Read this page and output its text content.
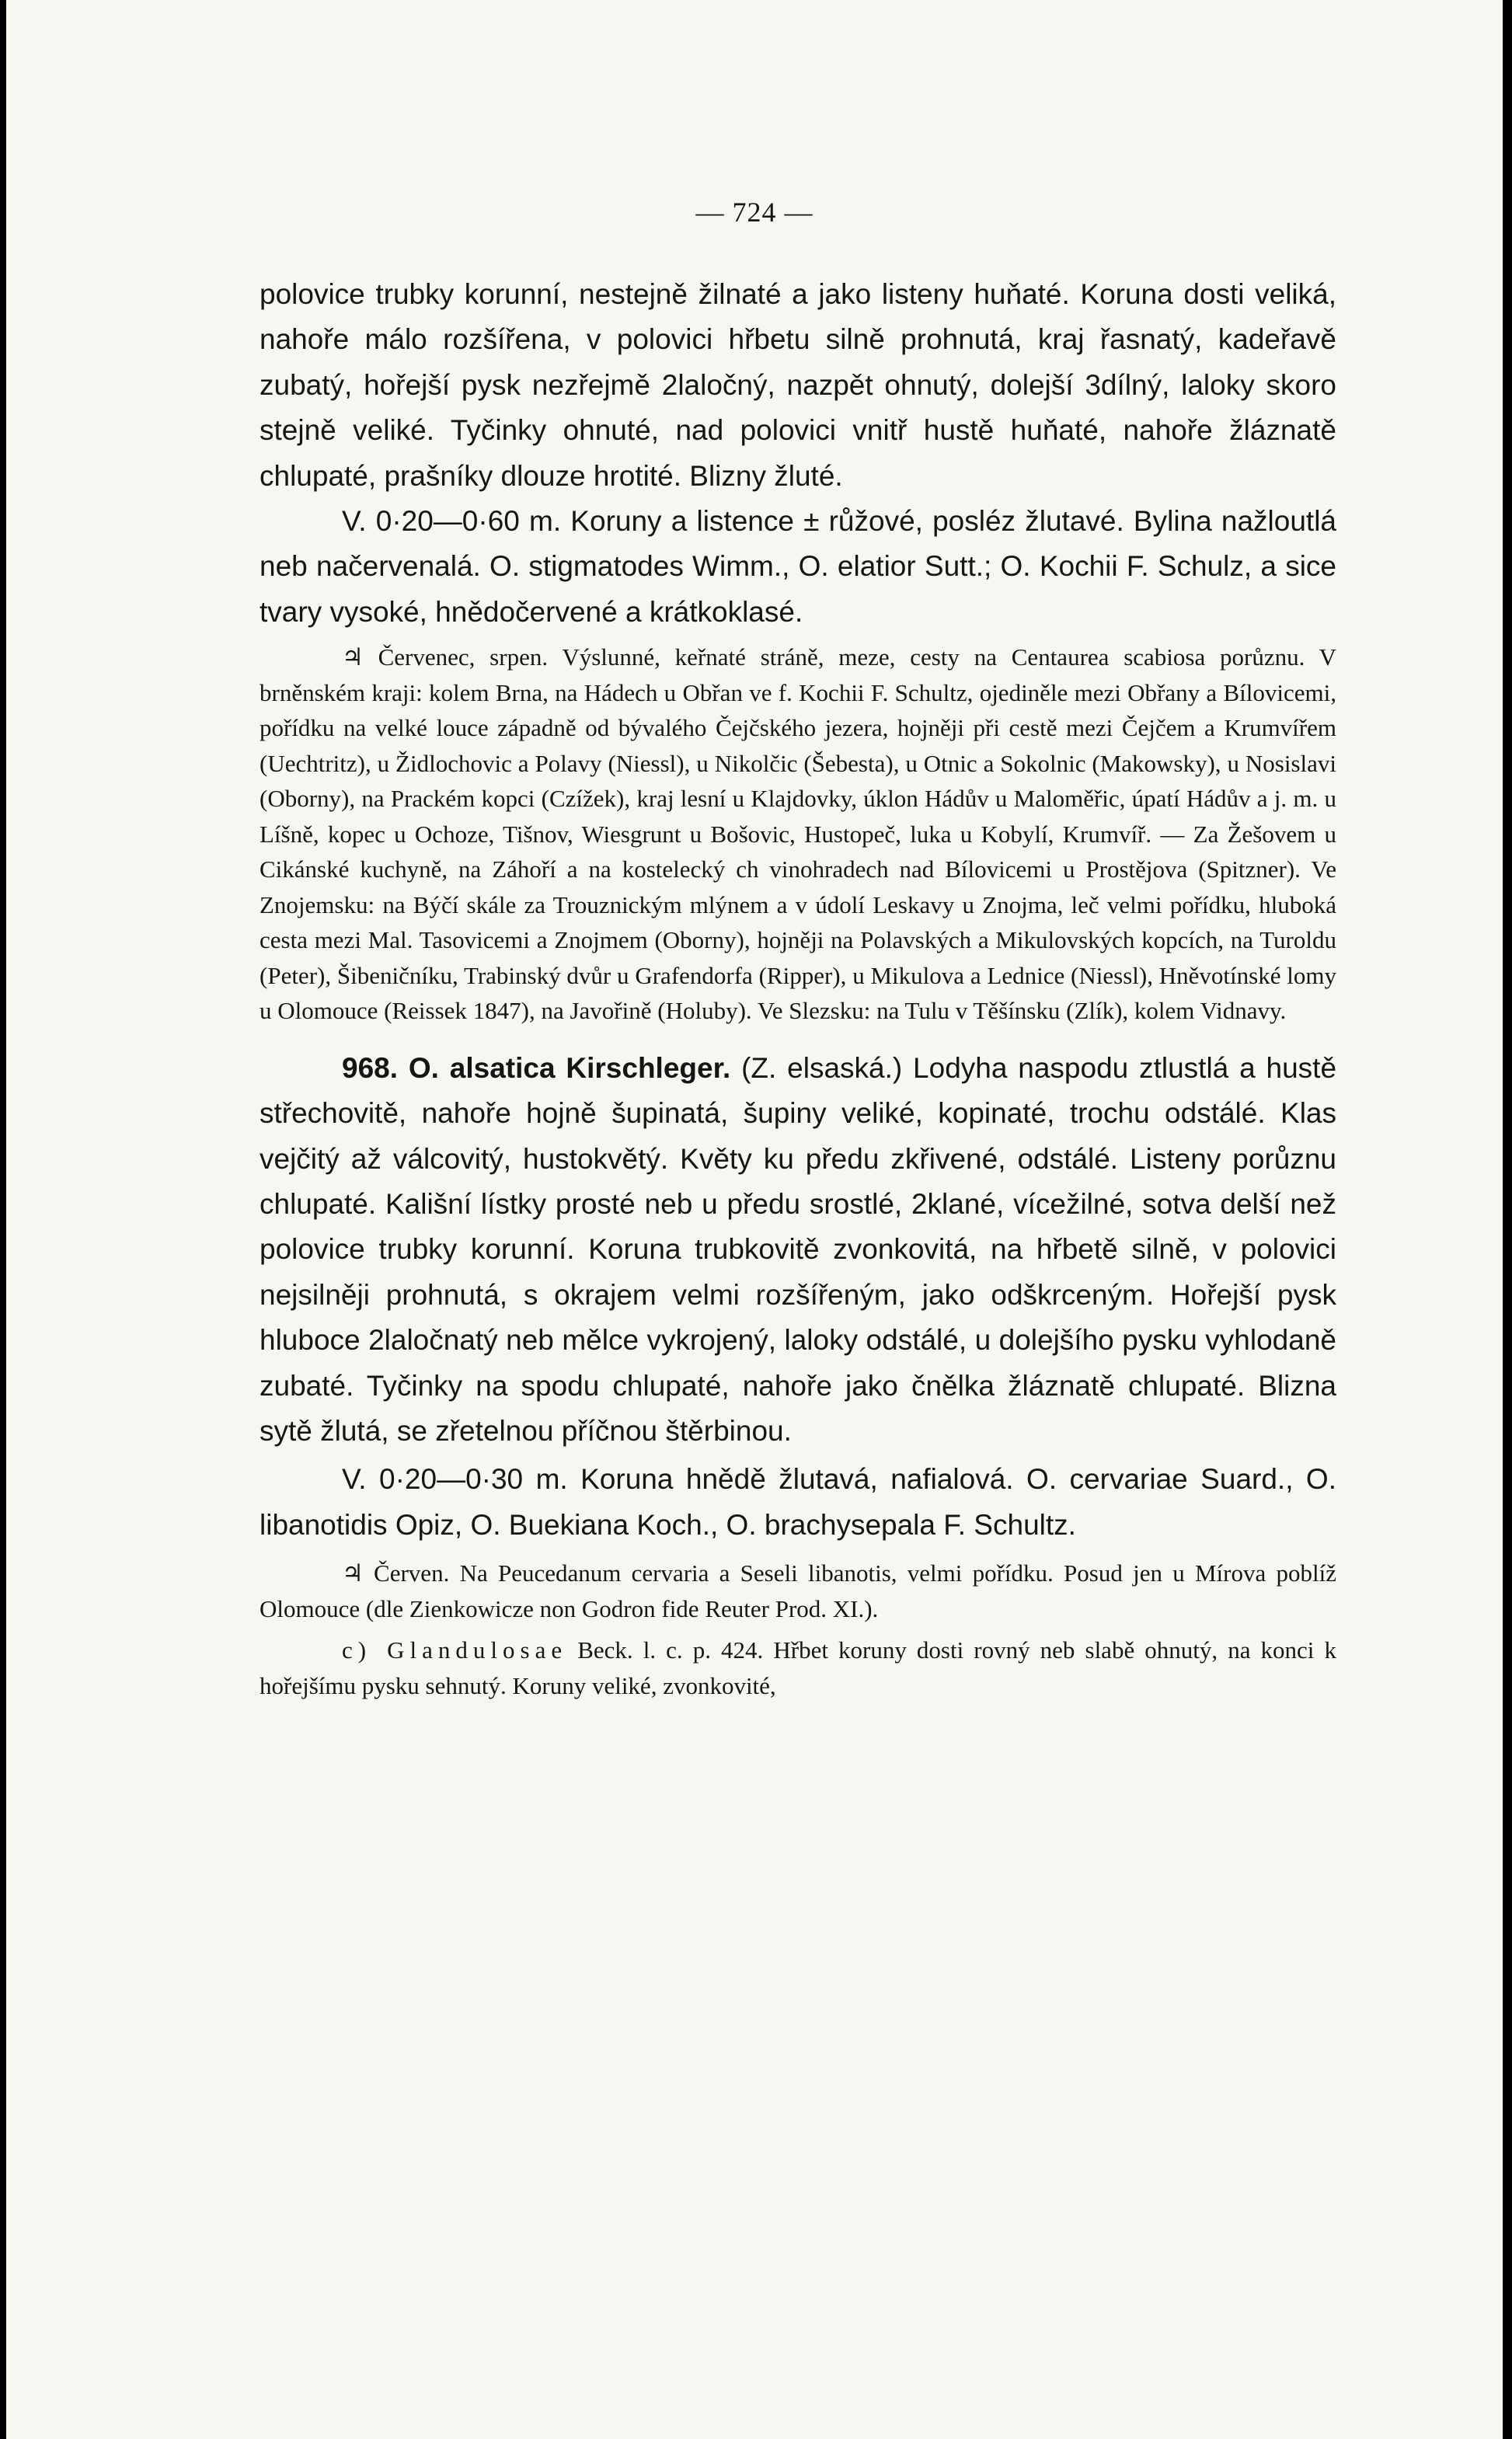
— 724 —

polovice trubky korunní, nestejně žilnaté a jako listeny huňaté. Koruna dosti veliká, nahoře málo rozšířena, v polovici hřbetu silně prohnutá, kraj řasnatý, kadeřavě zubatý, hořejší pysk nezřejmě 2laločný, nazpět ohnutý, dolejší 3dílný, laloky skoro stejně veliké. Tyčinky ohnuté, nad polovici vnitř hustě huňaté, nahoře žláznatě chlupaté, prašníky dlouze hrotité. Blizny žluté.

V. 0·20—0·60 m. Koruny a listence ± růžové, posléz žlutavé. Bylina nažloutlá neb načervenalá. O. stigmatodes Wimm., O. elatior Sutt.; O. Kochii F. Schulz, a sice tvary vysoké, hnědočervené a krátkoklasé.

♃ Červenec, srpen. Výslunné, keřnaté stráně, meze, cesty na Centaurea scabiosa porůznu. V brněnském kraji: kolem Brna, na Hádech u Obřan ve f. Kochii F. Schultz, ojediněle mezi Obřany a Bílovicemi, pořídku na velké louce západně od bývalého Čejčského jezera, hojněji při cestě mezi Čejčem a Krumvířem (Uechtritz), u Židlochovic a Polavy (Niessl), u Nikolčic (Šebesta), u Otnic a Sokolnic (Makowsky), u Nosislavi (Oborny), na Prackém kopci (Czížek), kraj lesní u Klajdovky, úklon Hádův u Maloměřic, úpatí Hádův a j. m. u Líšně, kopec u Ochoze, Tišnov, Wiesgrunt u Bošovic, Hustopeč, luka u Kobylí, Krumvíř. — Za Žešovem u Cikánské kuchyně, na Záhoří a na kostelecký ch vinohradech nad Bílovicemi u Prostějova (Spitzner). Ve Znojemsku: na Býčí skále za Trouznickým mlýnem a v údolí Leskavy u Znojma, leč velmi pořídku, hluboká cesta mezi Mal. Tasovicemi a Znojmem (Oborny), hojněji na Polavských a Mikulovských kopcích, na Turoldu (Peter), Šibeničníku, Trabinský dvůr u Grafendorfa (Ripper), u Mikulova a Lednice (Niessl), Hněvotínské lomy u Olomouce (Reissek 1847), na Javořině (Holuby). Ve Slezsku: na Tulu v Těšínsku (Zlík), kolem Vidnavy.

968. O. alsatica Kirschleger. (Z. elsaská.) Lodyha naspodu ztlustlá a hustě střechovitě, nahoře hojně šupinatá, šupiny veliké, kopinaté, trochu odstálé. Klas vejčitý až válcovitý, hustokvětý. Květy ku předu zkřivené, odstálé. Listeny porůznu chlupaté. Kališní lístky prosté neb u předu srostlé, 2klané, vícežilné, sotva delší než polovice trubky korunní. Koruna trubkovitě zvonkovitá, na hřbetě silně, v polovici nejsilněji prohnutá, s okrajem velmi rozšířeným, jako odškrceným. Hořejší pysk hluboce 2laločnatý neb mělce vykrojený, laloky odstálé, u dolejšího pysku vyhlodaně zubaté. Tyčinky na spodu chlupaté, nahoře jako čnělka žláznatě chlupaté. Blizna sytě žlutá, se zřetelnou příčnou štěrbinou.

V. 0·20—0·30 m. Koruna hnědě žlutavá, nafialová. O. cervariae Suard., O. libanotidis Opiz, O. Buekiana Koch., O. brachysepala F. Schultz.

♃ Červen. Na Peucedanum cervaria a Seseli libanotis, velmi pořídku. Posud jen u Mírova poblíž Olomouce (dle Zienkowicze non Godron fide Reuter Prod. XI.).

c) Glandulosae Beck. l. c. p. 424. Hřbet koruny dosti rovný neb slabě ohnutý, na konci k hořejšímu pysku sehnutý. Koruny veliké, zvonkovité,
